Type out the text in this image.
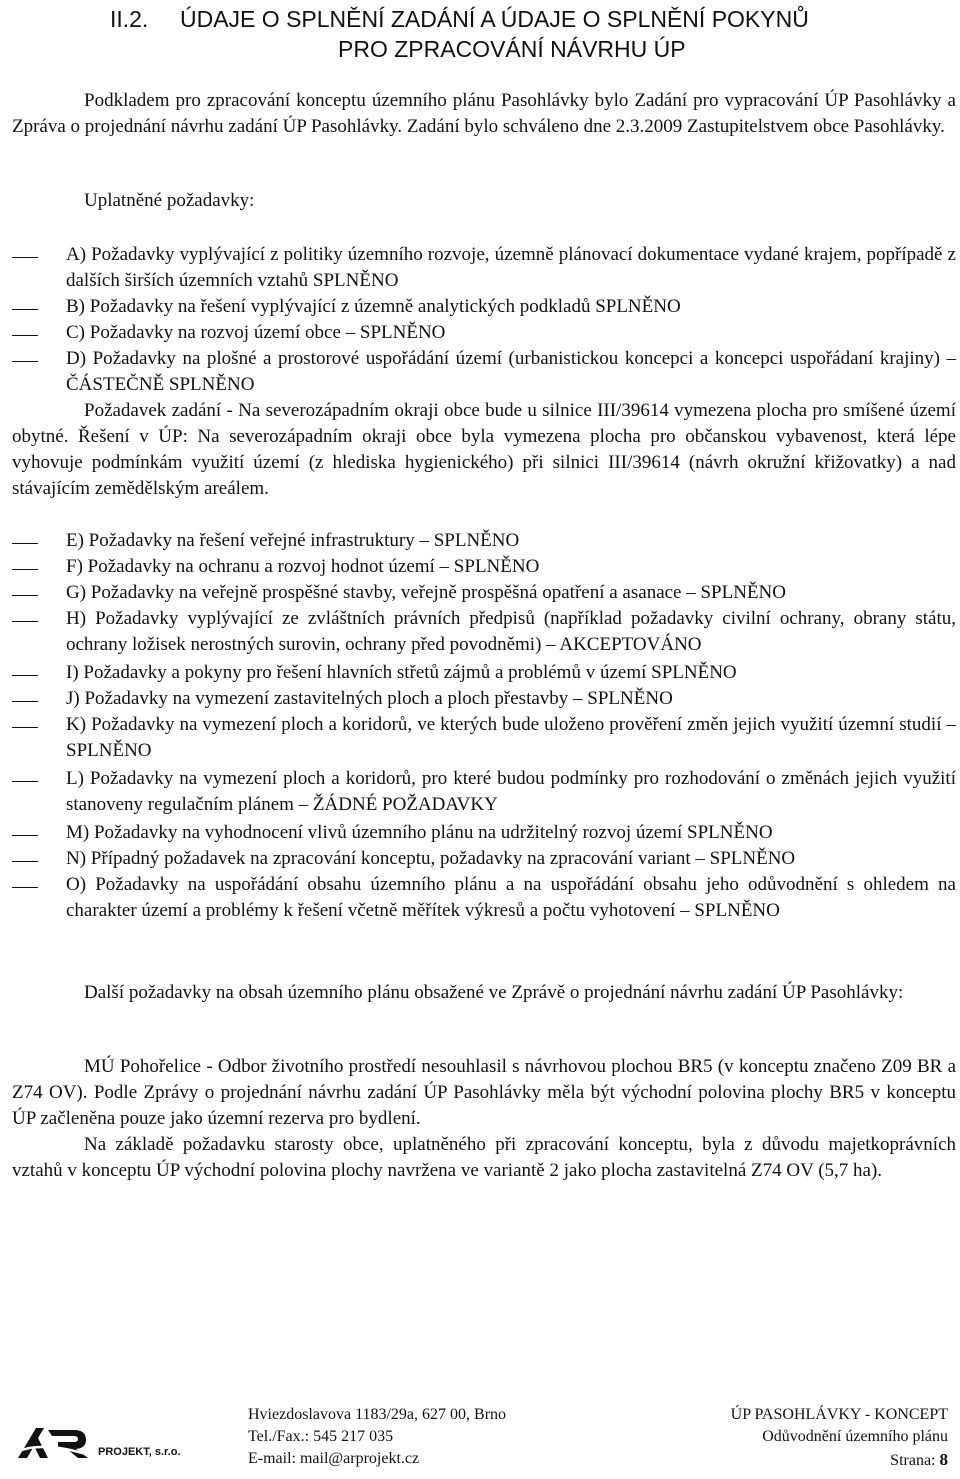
II.2. ÚDAJE O SPLNĚNÍ ZADÁNÍ A ÚDAJE O SPLNĚNÍ POKYNŮ
PRO ZPRACOVÁNÍ NÁVRHU ÚP
Podkladem pro zpracování konceptu územního plánu Pasohlávky bylo Zadání pro vypracování ÚP Pasohlávky a Zpráva o projednání návrhu zadání ÚP Pasohlávky. Zadání bylo schváleno dne 2.3.2009 Zastupitelstvem obce Pasohlávky.
Uplatněné požadavky:
A) Požadavky vyplývající z politiky územního rozvoje, územně plánovací dokumentace vydané krajem, popřípadě z dalších širších územních vztahů SPLNĚNO
B) Požadavky na řešení vyplývající z územně analytických podkladů SPLNĚNO
C) Požadavky na rozvoj území obce – SPLNĚNO
D) Požadavky na plošné a prostorové uspořádání území (urbanistickou koncepci a koncepci uspořádaní krajiny) – ČÁSTEČNĚ SPLNĚNO
Požadavek zadání - Na severozápadním okraji obce bude u silnice III/39614 vymezena plocha pro smíšené území obytné. Řešení v ÚP: Na severozápadním okraji obce byla vymezena plocha pro občanskou vybavenost, která lépe vyhovuje podmínkám využití území (z hlediska hygienického) při silnici III/39614 (návrh okružní křižovatky) a nad stávajícím zemědělským areálem.
E) Požadavky na řešení veřejné infrastruktury – SPLNĚNO
F) Požadavky na ochranu a rozvoj hodnot území – SPLNĚNO
G) Požadavky na veřejně prospěšné stavby, veřejně prospěšná opatření a asanace – SPLNĚNO
H) Požadavky vyplývající ze zvláštních právních předpisů (například požadavky civilní ochrany, obrany státu, ochrany ložisek nerostných surovin, ochrany před povodněmi) – AKCEPTOVÁNO
I) Požadavky a pokyny pro řešení hlavních střetů zájmů a problémů v území SPLNĚNO
J) Požadavky na vymezení zastavitelných ploch a ploch přestavby – SPLNĚNO
K) Požadavky na vymezení ploch a koridorů, ve kterých bude uloženo prověření změn jejich využití územní studií – SPLNĚNO
L) Požadavky na vymezení ploch a koridorů, pro které budou podmínky pro rozhodování o změnách jejich využití stanoveny regulačním plánem – ŽÁDNÉ POŽADAVKY
M) Požadavky na vyhodnocení vlivů územního plánu na udržitelný rozvoj území SPLNĚNO
N) Případný požadavek na zpracování konceptu, požadavky na zpracování variant – SPLNĚNO
O) Požadavky na uspořádání obsahu územního plánu a na uspořádání obsahu jeho odůvodnění s ohledem na charakter území a problémy k řešení včetně měřítek výkresů a počtu vyhotovení – SPLNĚNO
Další požadavky na obsah územního plánu obsažené ve Zprávě o projednání návrhu zadání ÚP Pasohlávky:
MÚ Pohořelice - Odbor životního prostředí nesouhlasil s návrhovou plochou BR5 (v konceptu značeno Z09 BR a Z74 OV). Podle Zprávy o projednání návrhu zadání ÚP Pasohlávky měla být východní polovina plochy BR5 v konceptu ÚP začleněna pouze jako územní rezerva pro bydlení.
Na základě požadavku starosty obce, uplatněného při zpracování konceptu, byla z důvodu majetkoprávních vztahů v konceptu ÚP východní polovina plochy navržena ve variantě 2 jako plocha zastavitelná Z74 OV (5,7 ha).
PROJEKT, s.r.o.
Hviezdoslavova 1183/29a, 627 00, Brno
Tel./Fax.: 545 217 035
E-mail: mail@arprojekt.cz
ÚP PASOHLÁVKY - KONCEPT
Odůvodnění územního plánu
Strana: 8
